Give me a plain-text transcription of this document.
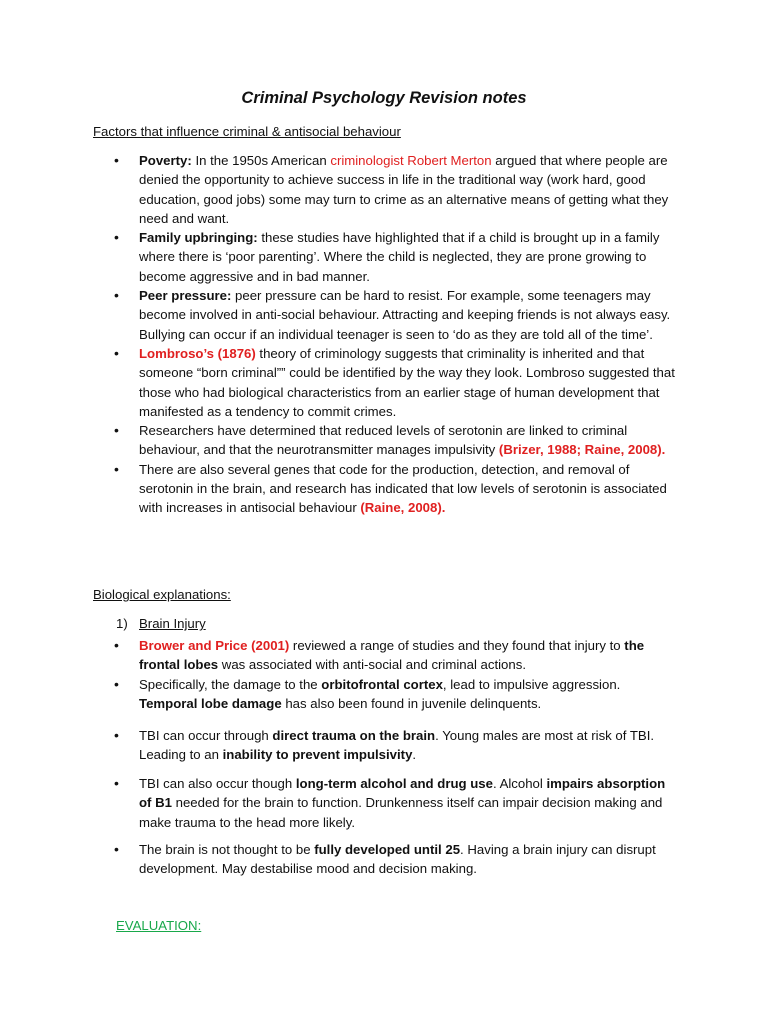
Criminal Psychology Revision notes

Factors that influence criminal & antisocial behaviour

• Poverty: In the 1950s American criminologist Robert Merton argued that where people are denied the opportunity to achieve success in life in the traditional way (work hard, good education, good jobs) some may turn to crime as an alternative means of getting what they need and want.
• Family upbringing: these studies have highlighted that if a child is brought up in a family where there is ‘poor parenting’. Where the child is neglected, they are prone growing to become aggressive and in bad manner.
• Peer pressure: peer pressure can be hard to resist. For example, some teenagers may become involved in anti-social behaviour. Attracting and keeping friends is not always easy. Bullying can occur if an individual teenager is seen to ‘do as they are told all of the time’.
• Lombroso’s (1876) theory of criminology suggests that criminality is inherited and that someone “born criminal”” could be identified by the way they look. Lombroso suggested that those who had biological characteristics from an earlier stage of human development that manifested as a tendency to commit crimes.
• Researchers have determined that reduced levels of serotonin are linked to criminal behaviour, and that the neurotransmitter manages impulsivity (Brizer, 1988; Raine, 2008).
• There are also several genes that code for the production, detection, and removal of serotonin in the brain, and research has indicated that low levels of serotonin is associated with increases in antisocial behaviour (Raine, 2008).

Biological explanations:

1) Brain Injury
• Brower and Price (2001) reviewed a range of studies and they found that injury to the frontal lobes was associated with anti-social and criminal actions.
• Specifically, the damage to the orbitofrontal cortex, lead to impulsive aggression. Temporal lobe damage has also been found in juvenile delinquents.
• TBI can occur through direct trauma on the brain. Young males are most at risk of TBI. Leading to an inability to prevent impulsivity.
• TBI can also occur though long-term alcohol and drug use. Alcohol impairs absorption of B1 needed for the brain to function. Drunkenness itself can impair decision making and make trauma to the head more likely.
• The brain is not thought to be fully developed until 25. Having a brain injury can disrupt development. May destabilise mood and decision making.
EVALUATION:
